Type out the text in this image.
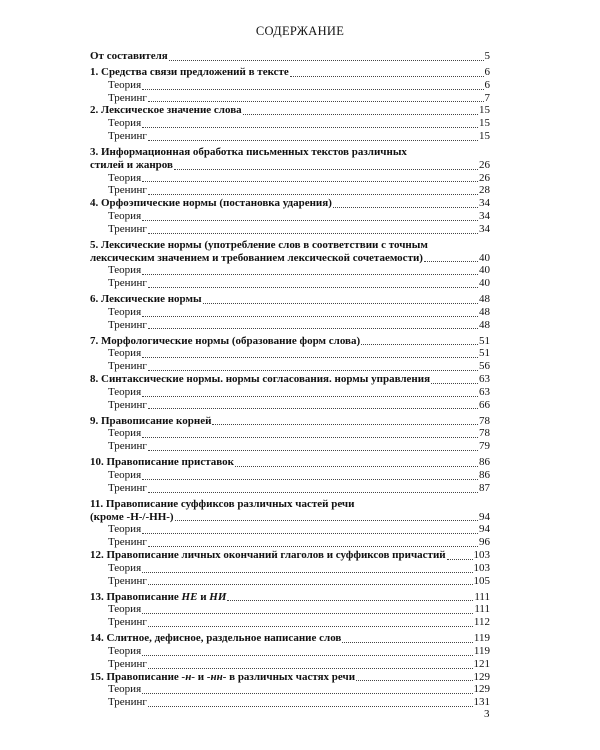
СОДЕРЖАНИЕ
От составителя	5
1. Средства связи предложений в тексте	6
Теория	6
Тренинг	7
2. Лексическое значение слова	15
Теория	15
Тренинг	15
3. Информационная обработка письменных текстов различных
стилей и жанров	26
Теория	26
Тренинг	28
4. Орфоэпические нормы (постановка ударения)	34
Теория	34
Тренинг	34
5. Лексические нормы (употребление слов в соответствии с точным
лексическим значением и требованием лексической сочетаемости)	40
Теория	40
Тренинг	40
6. Лексические нормы	48
Теория	48
Тренинг	48
7. Морфологические нормы (образование форм слова)	51
Теория	51
Тренинг	56
8. Синтаксические нормы. нормы согласования. нормы управления	63
Теория	63
Тренинг	66
9. Правописание корней	78
Теория	78
Тренинг	79
10. Правописание приставок	86
Теория	86
Тренинг	87
11. Правописание суффиксов различных частей речи
(кроме -Н-/-НН-)	94
Теория	94
Тренинг	96
12. Правописание личных окончаний глаголов и суффиксов причастий	103
Теория	103
Тренинг	105
13. Правописание НЕ и НИ	111
Теория	111
Тренинг	112
14. Слитное, дефисное, раздельное написание слов	119
Теория	119
Тренинг	121
15. Правописание -н- и -нн- в различных частях речи	129
Теория	129
Тренинг	131
3
